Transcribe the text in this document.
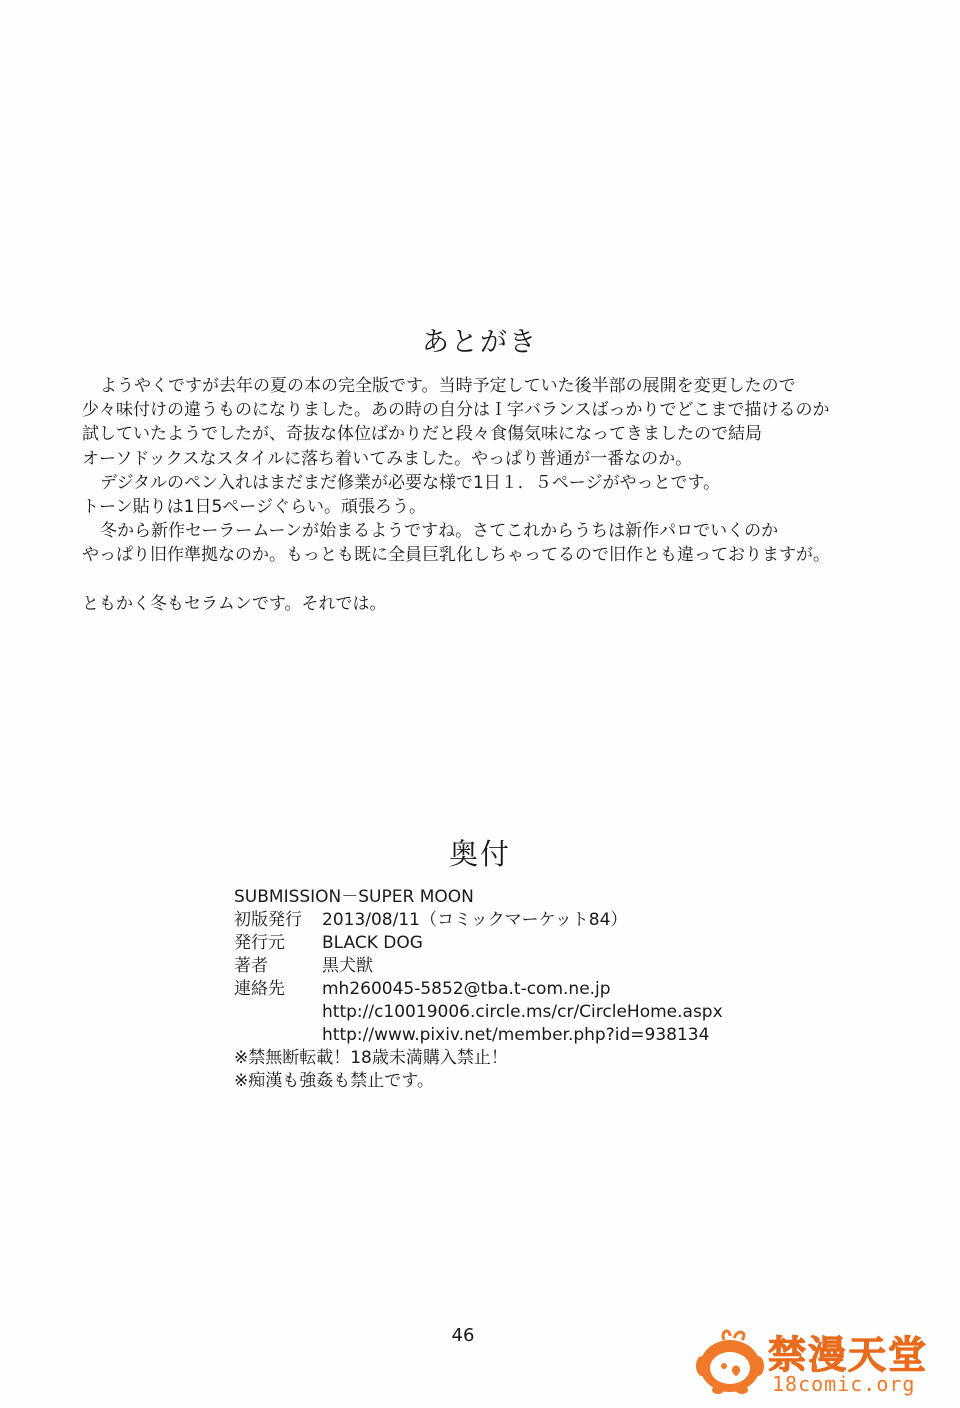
あとがき
ようやくですが去年の夏の本の完全版です。当時予定していた後半部の展開を変更したので
少々味付けの違うものになりました。あの時の自分はＩ字バランスばっかりでどこまで描けるのか
試していたようでしたが、奇抜な体位ばかりだと段々食傷気味になってきましたので結局
オーソドックスなスタイルに落ち着いてみました。やっぱり普通が一番なのか。
デジタルのペン入れはまだまだ修業が必要な様で1日１．５ページがやっとです。
トーン貼りは1日5ページぐらい。頑張ろう。
冬から新作セーラームーンが始まるようですね。さてこれからうちは新作パロでいくのか
やっぱり旧作準拠なのか。もっとも既に全員巨乳化しちゃってるので旧作とも違っておりますが。
ともかく冬もセラムンです。それでは。
奥付
SUBMISSION－SUPER MOON
初版発行	2013/08/11（コミックマーケット84）
発行元	BLACK DOG
著者	黒犬獣
連絡先	mh260045-5852@tba.t-com.ne.jp
http://c10019006.circle.ms/cr/CircleHome.aspx
http://www.pixiv.net/member.php?id=938134
※禁無断転載！18歳未満購入禁止！
※痴漢も強姦も禁止です。
46	禁漫天堂
18comic.org
